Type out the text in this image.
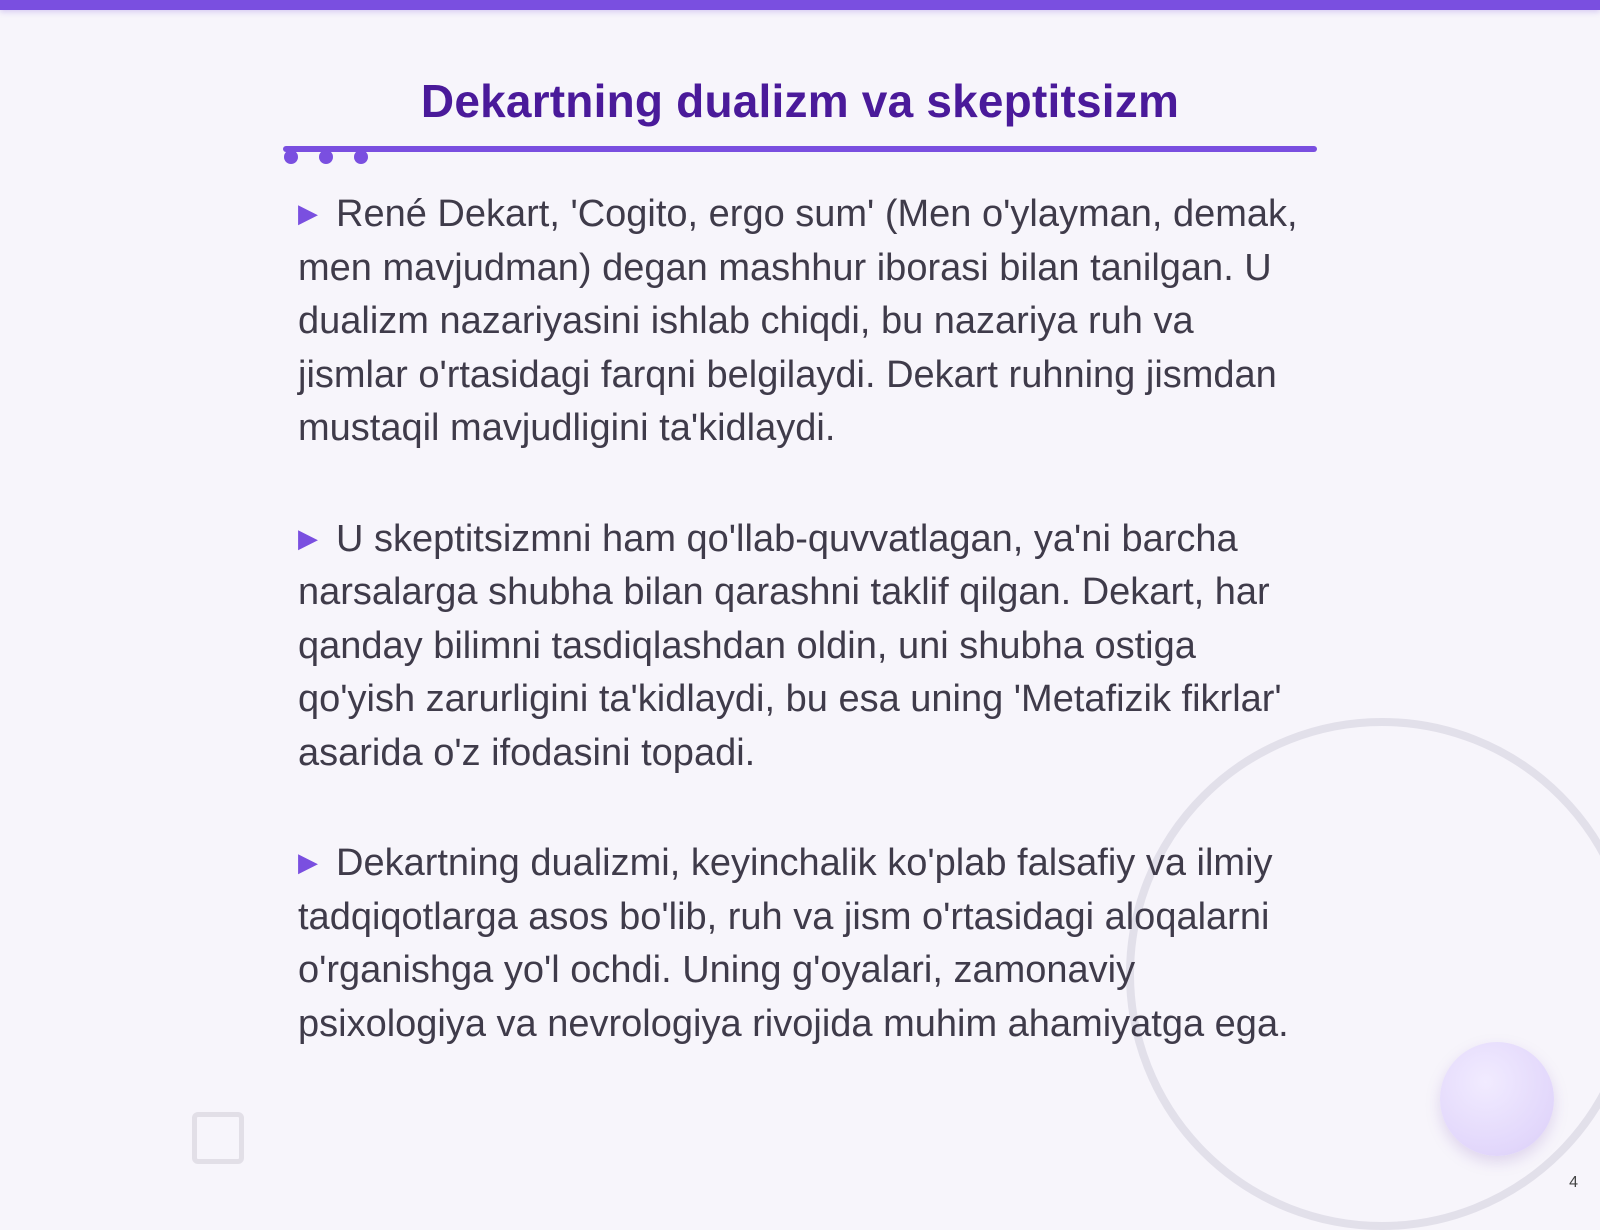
Dekartning dualizm va skeptitsizm

▶ René Dekart, 'Cogito, ergo sum' (Men o'ylayman, demak, men mavjudman) degan mashhur iborasi bilan tanilgan. U dualizm nazariyasini ishlab chiqdi, bu nazariya ruh va jismlar o'rtasidagi farqni belgilaydi. Dekart ruhning jismdan mustaqil mavjudligini ta'kidlaydi.

▶ U skeptitsizmni ham qo'llab-quvvatlagan, ya'ni barcha narsalarga shubha bilan qarashni taklif qilgan. Dekart, har qanday bilimni tasdiqlashdan oldin, uni shubha ostiga qo'yish zarurligini ta'kidlaydi, bu esa uning 'Metafizik fikrlar' asarida o'z ifodasini topadi.

▶ Dekartning dualizmi, keyinchalik ko'plab falsafiy va ilmiy tadqiqotlarga asos bo'lib, ruh va jism o'rtasidagi aloqalarni o'rganishga yo'l ochdi. Uning g'oyalari, zamonaviy psixologiya va nevrologiya rivojida muhim ahamiyatga ega.

4
